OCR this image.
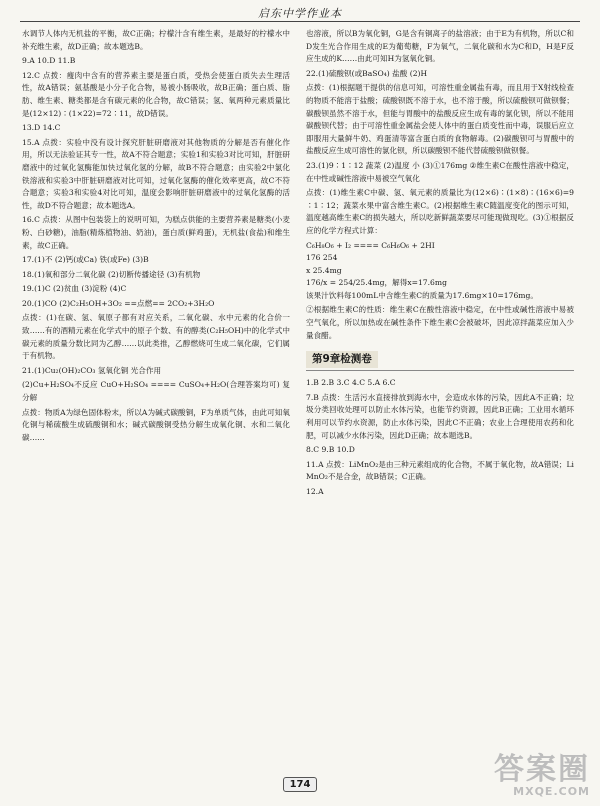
启东中学作业本

水调节人体内无机盐的平衡，故C正确；柠檬汁含有维生素，是最好的柠檬水中补充维生素，故D正确；故本题选B。

9.A 10.D 11.B

12.C 点拨：瘦肉中含有的营养素主要是蛋白质，受热会使蛋白质失去生理活性，故A错误；氨基酸是小分子化合物，易被小肠吸收，故B正确；蛋白质、脂肪、维生素、糖类都是含有碳元素的化合物，故C错误；氢、氧两种元素质量比是(12×12)∶(1×22)=72∶11，故D错误。

13.D 14.C

15.A 点拨：实验中没有设计探究肝脏研磨液对其他物质的分解是否有催化作用，所以无法验证其专一性，故A不符合题意；实验1和实验3对比可知，肝脏研磨液中的过氧化氢酶能加快过氧化氢的分解，故B不符合题意；由实验2中氯化铁溶液和实验3中肝脏研磨液对比可知，过氧化氢酶的催化效率更高，故C不符合题意；实验3和实验4对比可知，温度会影响肝脏研磨液中的过氧化氢酶的活性，故D不符合题意；故本题选A。

16.C 点拨：从图中包装袋上的说明可知，为糕点供能的主要营养素是糖类(小麦粉、白砂糖)，油脂(精炼植物油、奶油)，蛋白质(鲜鸡蛋)，无机盐(食盐)和维生素，故C正确。

17.(1)不 (2)钙(或Ca) 铁(或Fe) (3)B

18.(1)氧和部分二氧化碳 (2)切断传播途径 (3)有机物

19.(1)C (2)贫血 (3)淀粉 (4)C

20.(1)CO (2)C₂H₅OH+3O₂ ==点燃== 2CO₂+3H₂O

点拨：(1)在碳、氢、氧原子都有对应关系，二氧化碳、水中元素的化合价一致……有的酒精元素在化学式中的原子个数、有的醇类(C₂H₅OH)中的化学式中碳元素的质量分数比同为乙醇……以此类推，乙醇燃烧可生成二氧化碳，它们属于有机物。

21.(1)Cu₂(OH)₂CO₃ 氢氧化铜 光合作用

(2)Cu+H₂SO₄不反应 CuO+H₂SO₄ ==== CuSO₄+H₂O(合理答案均可) 复分解

点拨：物质A为绿色固体粉末，所以A为碱式碳酸铜，F为单质气体，由此可知氧化铜与稀硫酸生成硫酸铜和水；碱式碳酸铜受热分解生成氧化铜、水和二氧化碳……

也溶液，所以B为氧化铜，G是含有铜离子的盐溶液；由于E为有机物，所以C和D发生光合作用生成的E为葡萄糖，F为氧气，二氧化碳和水为C和D，H是F反应生成的K……由此可知H为氢氧化铜。

22.(1)硫酸钡(或BaSO₄) 盐酸 (2)H

点拨：(1)根据题干提供的信息可知，可溶性重金属盐有毒，而且用于X射线检查的物质不能溶于盐酸；硫酸钡既不溶于水，也不溶于酸，所以硫酸钡可做钡餐；碳酸钡虽然不溶于水，但能与胃酸中的盐酸反应生成有毒的氯化钡，所以不能用碳酸钡代替；由于可溶性重金属盐会使人体中的蛋白质变性而中毒，误服后应立即服用大量鲜牛奶、鸡蛋清等富含蛋白质的食物解毒。(2)碳酸钡可与胃酸中的盐酸反应生成可溶性的氯化钡，所以碳酸钡不能代替硫酸钡做钡餐。

23.(1)9∶1∶12 蔬菜 (2)温度 小 (3)①176mg ②维生素C在酸性溶液中稳定，在中性或碱性溶液中易被空气氧化

点拨：(1)维生素C中碳、氢、氧元素的质量比为(12×6)∶(1×8)∶(16×6)=9∶1∶12；蔬菜水果中富含维生素C。(2)根据维生素C随温度变化的图示可知，温度越高维生素C的损失越大，所以吃新鲜蔬菜要尽可能现做现吃。(3)①根据反应的化学方程式计算：

C₆H₈O₆ + I₂ ==== C₆H₆O₆ + 2HI

176 254

x 25.4mg

176/x = 254/25.4mg，解得x=17.6mg

该果汁饮料每100mL中含维生素C的质量为17.6mg×10=176mg。

②根据维生素C的性质：维生素C在酸性溶液中稳定，在中性或碱性溶液中易被空气氧化，所以加热或在碱性条件下维生素C会被破坏，因此凉拌蔬菜应加入少量食醋。

第9章检测卷

1.B 2.B 3.C 4.C 5.A 6.C

7.B 点拨：生活污水直接排放到海水中，会造成水体的污染，因此A不正确；垃圾分类回收处理可以防止水体污染，也能节约资源，因此B正确；工业用水循环利用可以节约水资源，防止水体污染，因此C不正确；农业上合理使用农药和化肥，可以减少水体污染，因此D正确；故本题选B。

8.C 9.B 10.D

11.A 点拨：LiMnO₂是由三种元素组成的化合物，不属于氧化物，故A错误；LiMnO₂不是合金，故B错误；C正确。

12.A

174	答案圈
MXQE.COM
